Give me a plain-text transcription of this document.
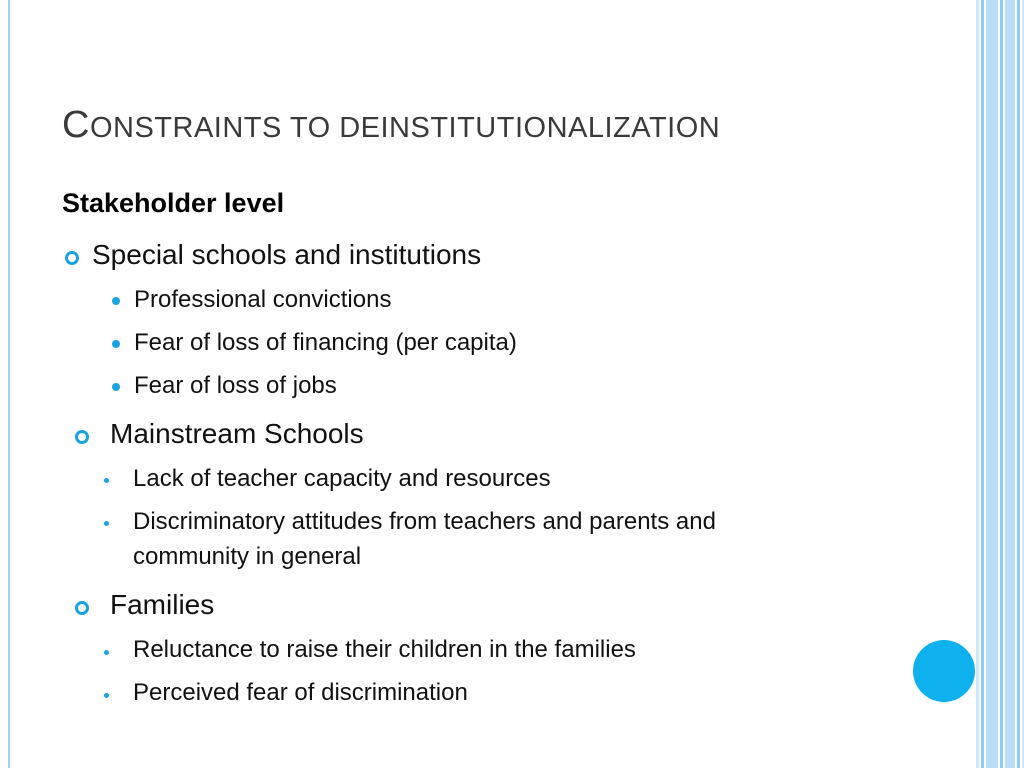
CONSTRAINTS TO DEINSTITUTIONALIZATION
Stakeholder level
Special schools and institutions
Professional convictions
Fear of loss of financing (per capita)
Fear of loss of jobs
Mainstream Schools
Lack of teacher capacity and resources
Discriminatory attitudes from teachers and parents and
community in general
Families
Reluctance to raise their children in the families
Perceived fear of discrimination
